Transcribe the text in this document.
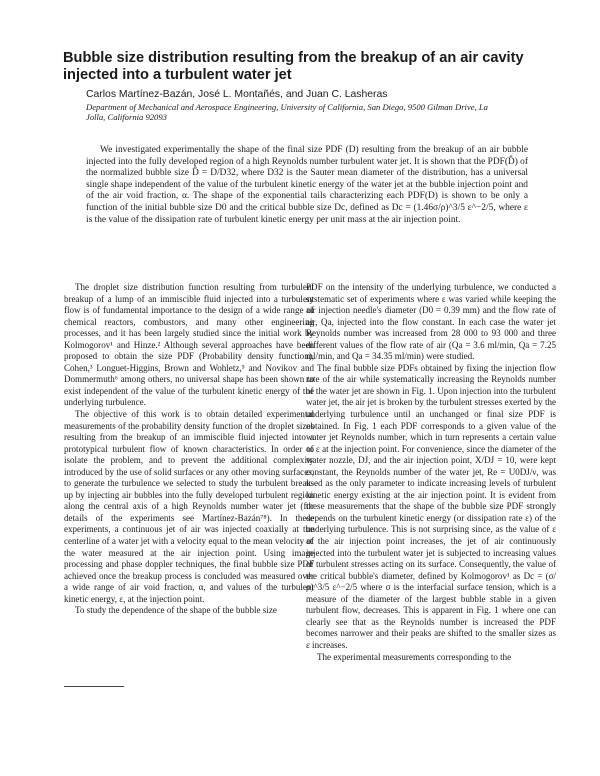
Bubble size distribution resulting from the breakup of an air cavity injected into a turbulent water jet
Carlos Martínez-Bazán, José L. Montañés, and Juan C. Lasheras
Department of Mechanical and Aerospace Engineering, University of California, San Diego, 9500 Gilman Drive, La Jolla, California 92093

We investigated experimentally the shape of the final size PDF (D) resulting from the breakup of an air bubble injected into the fully developed region of a high Reynolds number turbulent water jet. It is shown that the PDF(D̂) of the normalized bubble size D̂ = D/D32, where D32 is the Sauter mean diameter of the distribution, has a universal single shape independent of the value of the turbulent kinetic energy of the water jet at the bubble injection point and of the air void fraction, α. The shape of the exponential tails characterizing each PDF(D) is shown to be only a function of the initial bubble size D0 and the critical bubble size Dc, defined as Dc = (1.46σ/ρ)^3/5 ε^−2/5, where ε is the value of the dissipation rate of turbulent kinetic energy per unit mass at the air injection point.

The droplet size distribution function resulting from turbulent breakup of a lump of an immiscible fluid injected into a turbulent flow is of fundamental importance to the design of a wide range of chemical reactors, combustors, and many other engineering processes, and it has been largely studied since the initial work by Kolmogorov¹ and Hinze.² Although several approaches have been proposed to obtain the size PDF (Probability density function), Cohen,³ Longuet-Higgins, Brown and Wohletz,⁵ and Novikov and Dommermuth⁶ among others, no universal shape has been shown to exist independent of the value of the turbulent kinetic energy of the underlying turbulence.

The objective of this work is to obtain detailed experimental measurements of the probability density function of the droplet sizes resulting from the breakup of an immiscible fluid injected into a prototypical turbulent flow of known characteristics. In order to isolate the problem, and to prevent the additional complexity introduced by the use of solid surfaces or any other moving surfaces, to generate the turbulence we selected to study the turbulent break-up by injecting air bubbles into the fully developed turbulent region along the central axis of a high Reynolds number water jet (for details of the experiments see Martínez-Bazán⁷⁸). In these experiments, a continuous jet of air was injected coaxially at the centerline of a water jet with a velocity equal to the mean velocity of the water measured at the air injection point. Using image processing and phase doppler techniques, the final bubble size PDF achieved once the breakup process is concluded was measured over a wide range of air void fraction, α, and values of the turbulent kinetic energy, ε, at the injection point.

To study the dependence of the shape of the bubble size

PDF on the intensity of the underlying turbulence, we conducted a systematic set of experiments where ε was varied while keeping the air injection needle's diameter (D0 = 0.39 mm) and the flow rate of air, Qa, injected into the flow constant. In each case the water jet Reynolds number was increased from 28 000 to 93 000 and three different values of the flow rate of air (Qa = 3.6 ml/min, Qa = 7.25 ml/min, and Qa = 34.35 ml/min) were studied.

The final bubble size PDFs obtained by fixing the injection flow rate of the air while systematically increasing the Reynolds number of the water jet are shown in Fig. 1. Upon injection into the turbulent water jet, the air jet is broken by the turbulent stresses exerted by the underlying turbulence until an unchanged or final size PDF is obtained. In Fig. 1 each PDF corresponds to a given value of the water jet Reynolds number, which in turn represents a certain value of ε at the injection point. For convenience, since the diameter of the water nozzle, DJ, and the air injection point, X/DJ = 10, were kept constant, the Reynolds number of the water jet, Re = U0DJ/ν, was used as the only parameter to indicate increasing levels of turbulent kinetic energy existing at the air injection point. It is evident from these measurements that the shape of the bubble size PDF strongly depends on the turbulent kinetic energy (or dissipation rate ε) of the underlying turbulence. This is not surprising since, as the value of ε at the air injection point increases, the jet of air continuously injected into the turbulent water jet is subjected to increasing values of turbulent stresses acting on its surface. Consequently, the value of the critical bubble's diameter, defined by Kolmogorov¹ as Dc = (σ/ρ)^3/5 ε^−2/5 where σ is the interfacial surface tension, which is a measure of the diameter of the largest bubble stable in a given turbulent flow, decreases. This is apparent in Fig. 1 where one can clearly see that as the Reynolds number is increased the PDF becomes narrower and their peaks are shifted to the smaller sizes as ε increases.

The experimental measurements corresponding to the
